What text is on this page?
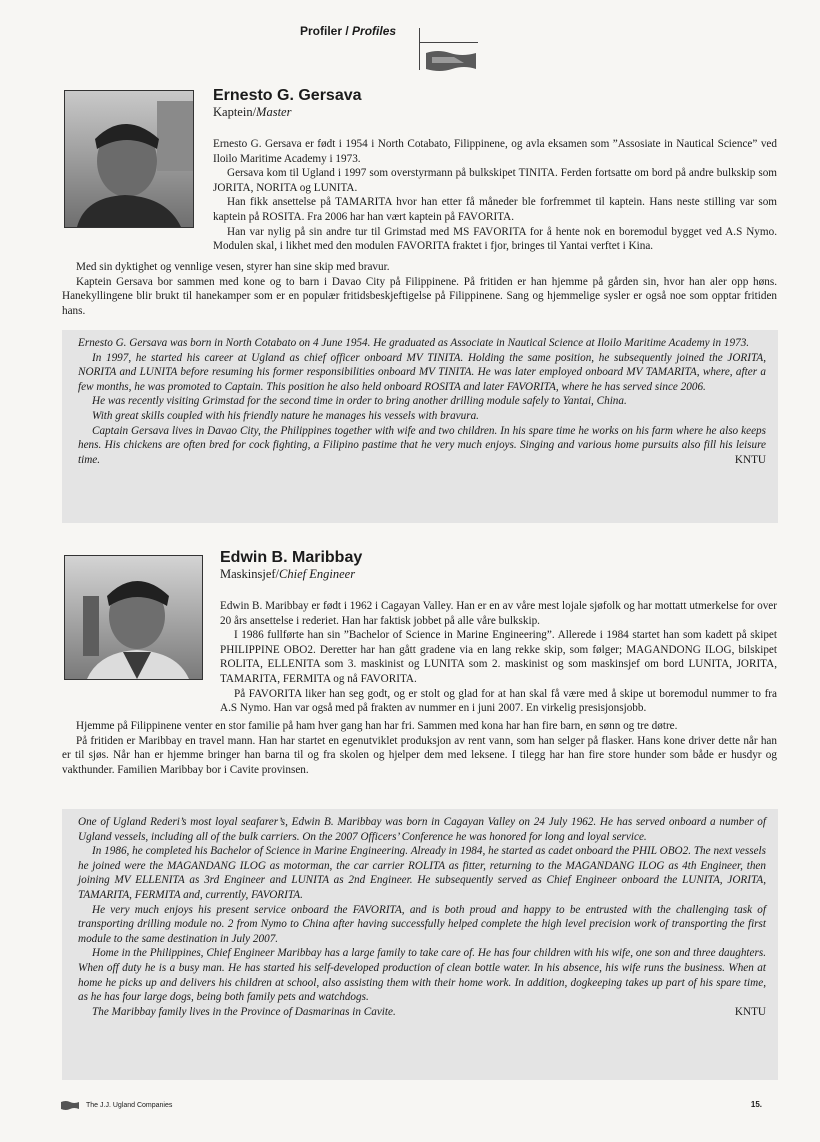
Profiler / Profiles
Ernesto G. Gersava
Kaptein/Master

Ernesto G. Gersava er født i 1954 i North Cotabato, Filippinene, og avla eksamen som ”Assosiate in Nautical Science” ved Iloilo Maritime Academy i 1973.

Gersava kom til Ugland i 1997 som overstyrmann på bulkskipet TINITA. Ferden fortsatte om bord på andre bulkskip som JORITA, NORITA og LUNITA.

Han fikk ansettelse på TAMARITA hvor han etter få måneder ble forfremmet til kaptein. Hans neste stilling var som kaptein på ROSITA. Fra 2006 har han vært kaptein på FAVORITA.

Han var nylig på sin andre tur til Grimstad med MS FAVORITA for å hente nok en boremodul bygget ved A.S Nymo. Modulen skal, i likhet med den modulen FAVORITA fraktet i fjor, bringes til Yantai verftet i Kina.

Med sin dyktighet og vennlige vesen, styrer han sine skip med bravur.

Kaptein Gersava bor sammen med kone og to barn i Davao City på Filippinene. På fritiden er han hjemme på gården sin, hvor han aler opp høns. Hanekyllingene blir brukt til hanekamper som er en populær fritidsbeskjeftigelse på Filippinene. Sang og hjemmelige sysler er også noe som opptar fritiden hans.

Ernesto G. Gersava was born in North Cotabato on 4 June 1954. He graduated as Associate in Nautical Science at Iloilo Maritime Academy in 1973.

In 1997, he started his career at Ugland as chief officer onboard MV TINITA. Holding the same position, he subsequently joined the JORITA, NORITA and LUNITA before resuming his former responsibilities onboard MV TINITA. He was later employed onboard MV TAMARITA, where, after a few months, he was promoted to Captain. This position he also held onboard ROSITA and later FAVORITA, where he has served since 2006.

He was recently visiting Grimstad for the second time in order to bring another drilling module safely to Yantai, China.

With great skills coupled with his friendly nature he manages his vessels with bravura.

Captain Gersava lives in Davao City, the Philippines together with wife and two children. In his spare time he works on his farm where he also keeps hens. His chickens are often bred for cock fighting, a Filipino pastime that he very much enjoys. Singing and various home pursuits also fill his leisure time.	KNTU

Edwin B. Maribbay
Maskinsjef/Chief Engineer

Edwin B. Maribbay er født i 1962 i Cagayan Valley. Han er en av våre mest lojale sjøfolk og har mottatt utmerkelse for over 20 års ansettelse i rederiet. Han har faktisk jobbet på alle våre bulkskip.

I 1986 fullførte han sin ”Bachelor of Science in Marine Engineering”. Allerede i 1984 startet han som kadett på skipet PHILIPPINE OBO2. Deretter har han gått gradene via en lang rekke skip, som følger; MAGANDONG ILOG, bilskipet ROLITA, ELLENITA som 3. maskinist og LUNITA som 2. maskinist og som maskinsjef om bord LUNITA, JORITA, TAMARITA, FERMITA og nå FAVORITA.

På FAVORITA liker han seg godt, og er stolt og glad for at han skal få være med å skipe ut boremodul nummer to fra A.S Nymo. Han var også med på frakten av nummer en i juni 2007. En virkelig presisjonsjobb.

Hjemme på Filippinene venter en stor familie på ham hver gang han har fri. Sammen med kona har han fire barn, en sønn og tre døtre.

På fritiden er Maribbay en travel mann. Han har startet en egenutviklet produksjon av rent vann, som han selger på flasker. Hans kone driver dette når han er til sjøs. Når han er hjemme bringer han barna til og fra skolen og hjelper dem med leksene. I tilegg har han fire store hunder som både er husdyr og vakthunder. Familien Maribbay bor i Cavite provinsen.

One of Ugland Rederi’s most loyal seafarer’s, Edwin B. Maribbay was born in Cagayan Valley on 24 July 1962. He has served onboard a number of Ugland vessels, including all of the bulk carriers. On the 2007 Officers’ Conference he was honored for long and loyal service.

In 1986, he completed his Bachelor of Science in Marine Engineering. Already in 1984, he started as cadet onboard the PHIL OBO2. The next vessels he joined were the MAGANDANG ILOG as motorman, the car carrier ROLITA as fitter, returning to the MAGANDANG ILOG as 4th Engineer, then joining MV ELLENITA as 3rd Engineer and LUNITA as 2nd Engineer. He subsequently served as Chief Engineer onboard the LUNITA, JORITA, TAMARITA, FERMITA and, currently, FAVORITA.

He very much enjoys his present service onboard the FAVORITA, and is both proud and happy to be entrusted with the challenging task of transporting drilling module no. 2 from Nymo to China after having successfully helped complete the high level precision work of transporting the first module to the same destination in July 2007.

Home in the Philippines, Chief Engineer Maribbay has a large family to take care of. He has four children with his wife, one son and three daughters. When off duty he is a busy man. He has started his self-developed production of clean bottle water. In his absence, his wife runs the business. When at home he picks up and delivers his children at school, also assisting them with their home work. In addition, dogkeeping takes up part of his spare time, as he has four large dogs, being both family pets and watchdogs.

The Maribbay family lives in the Province of Dasmarinas in Cavite.	KNTU

The J.J. Ugland Companies	15.
